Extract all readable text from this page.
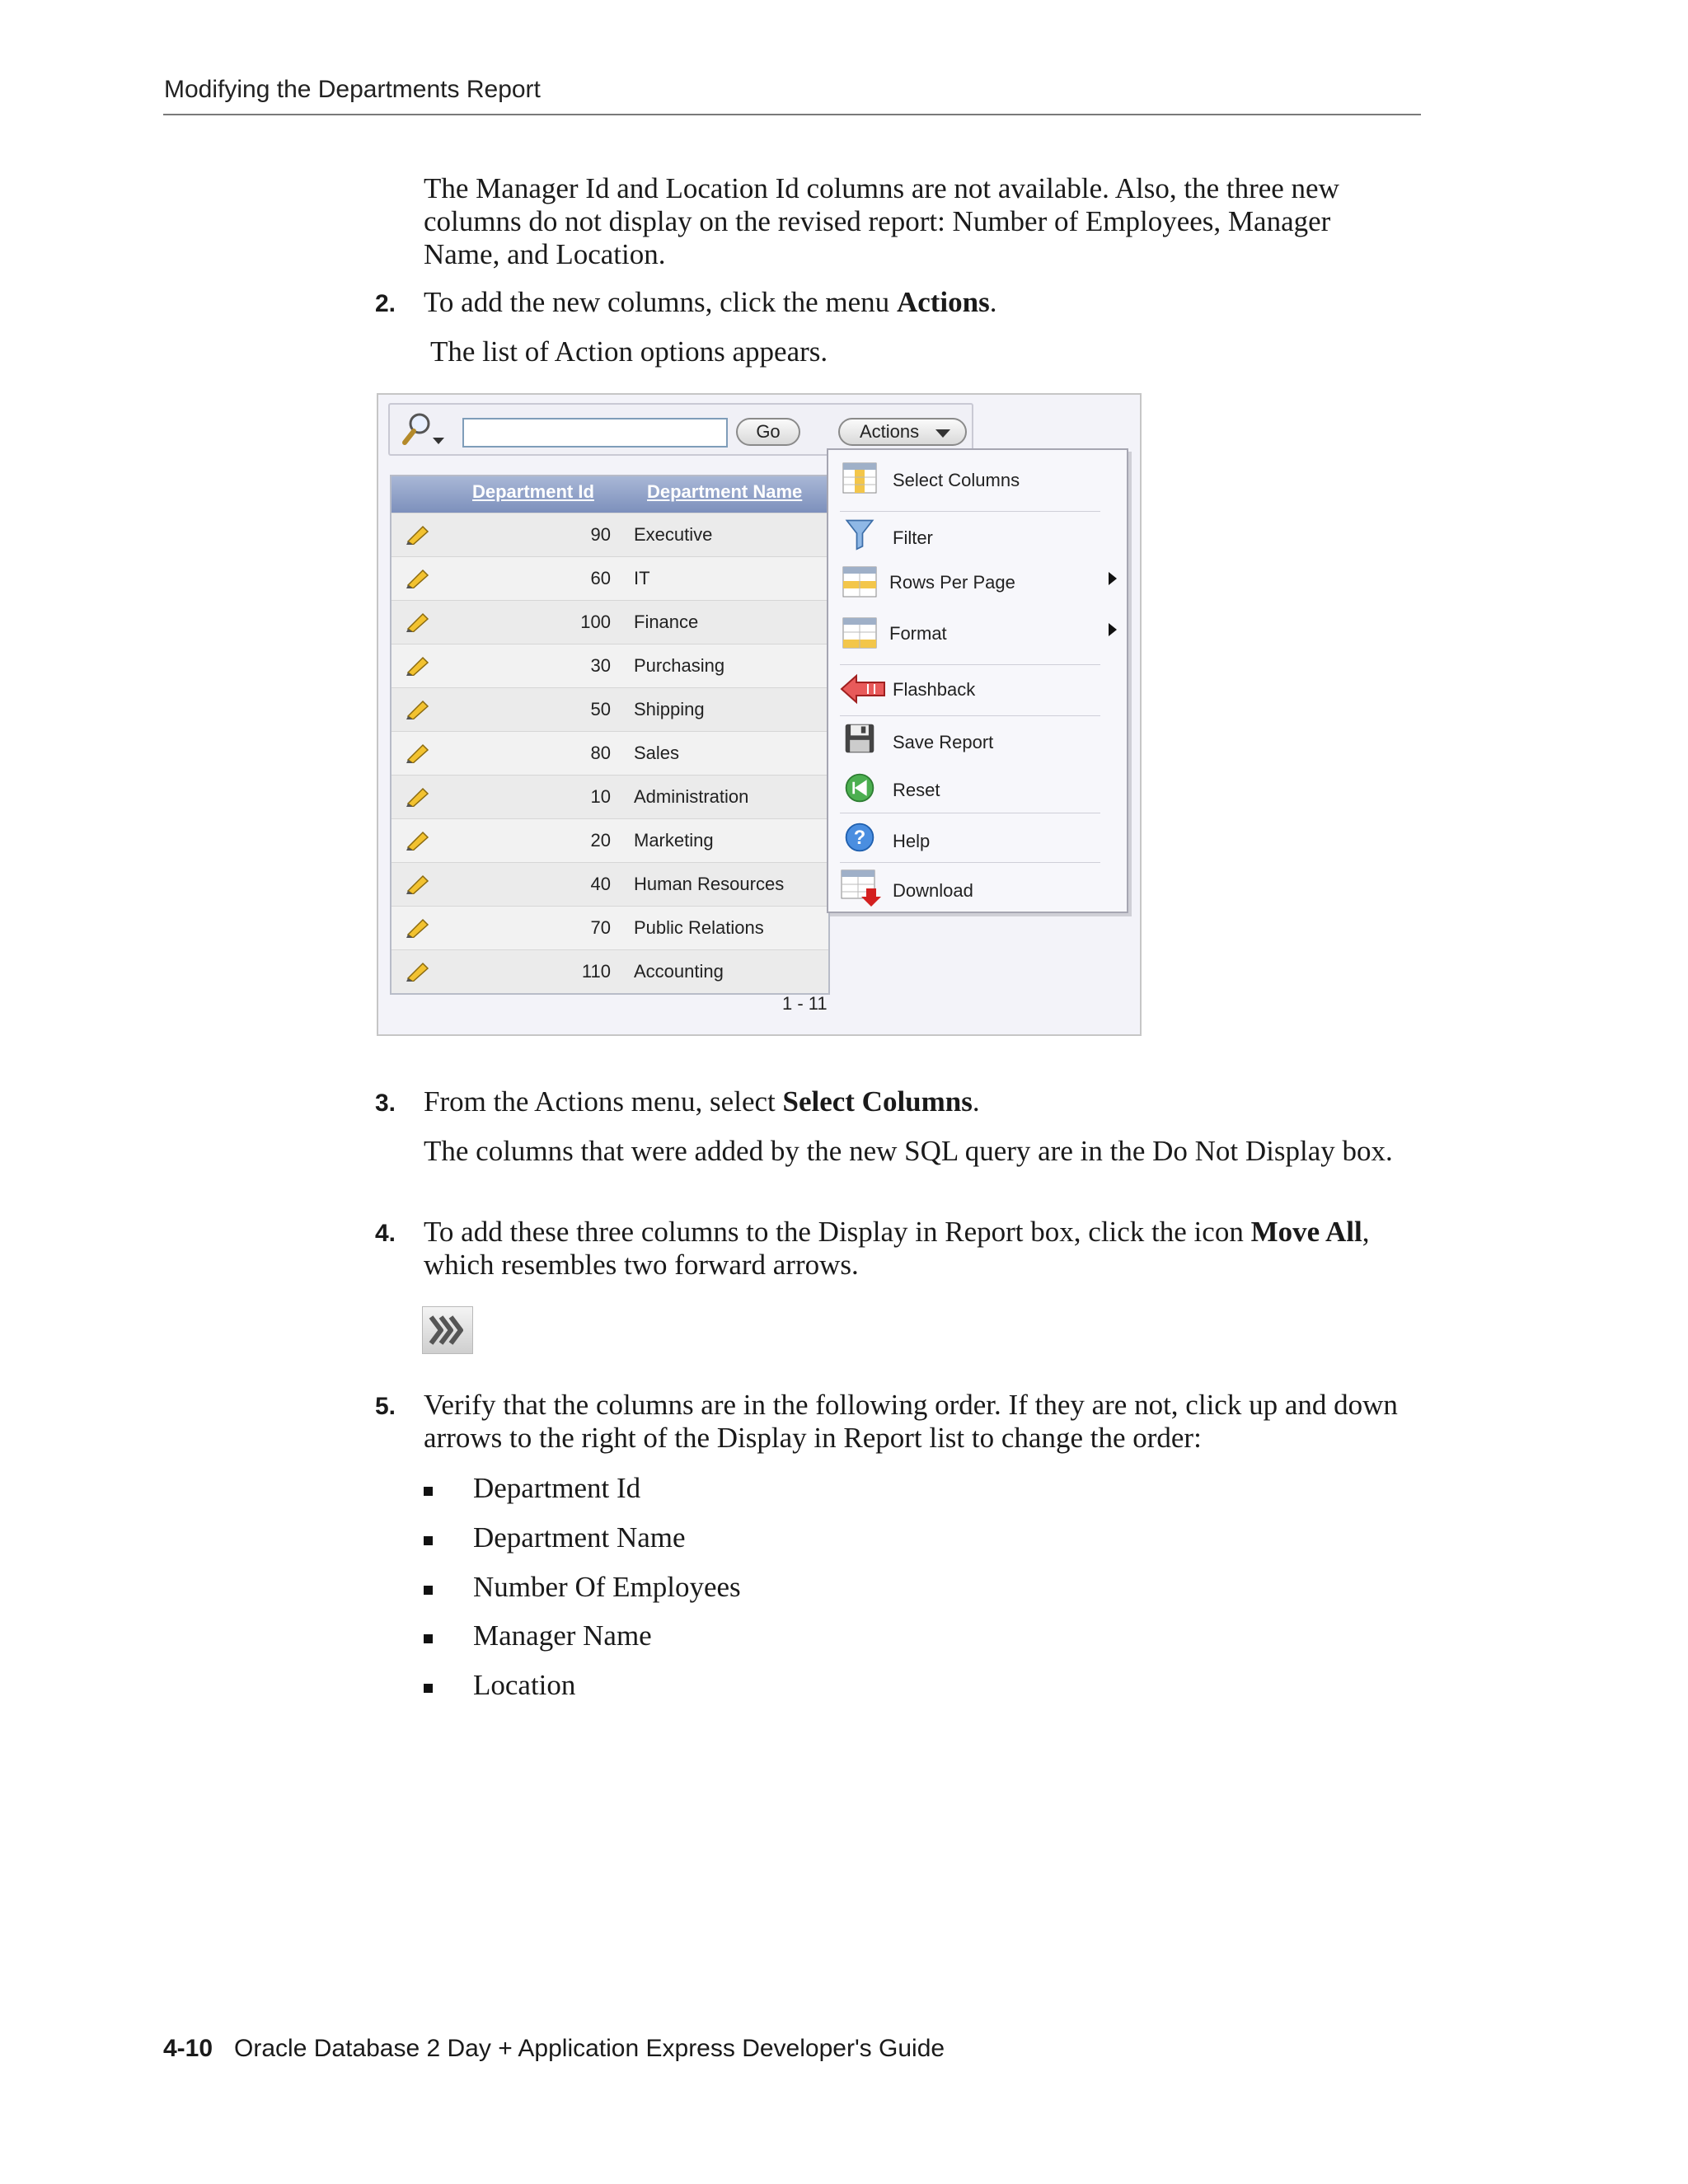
Modifying the Departments Report
The Manager Id and Location Id columns are not available. Also, the three new columns do not display on the revised report: Number of Employees, Manager Name, and Location.
2. To add the new columns, click the menu Actions.
The list of Action options appears.
Go	Actions
Department Id	Department Name
90 Executive
60 IT
100 Finance
30 Purchasing
50 Shipping
80 Sales
10 Administration
20 Marketing
40 Human Resources
70 Public Relations
110 Accounting
1 - 11
Select Columns
Filter
Rows Per Page
Format
Flashback
Save Report
Reset
? Help
Download
3. From the Actions menu, select Select Columns.
The columns that were added by the new SQL query are in the Do Not Display box.
4. To add these three columns to the Display in Report box, click the icon Move All, which resembles two forward arrows.
5. Verify that the columns are in the following order. If they are not, click up and down arrows to the right of the Display in Report list to change the order:
Department Id
Department Name
Number Of Employees
Manager Name
Location
4-10 Oracle Database 2 Day + Application Express Developer's Guide
